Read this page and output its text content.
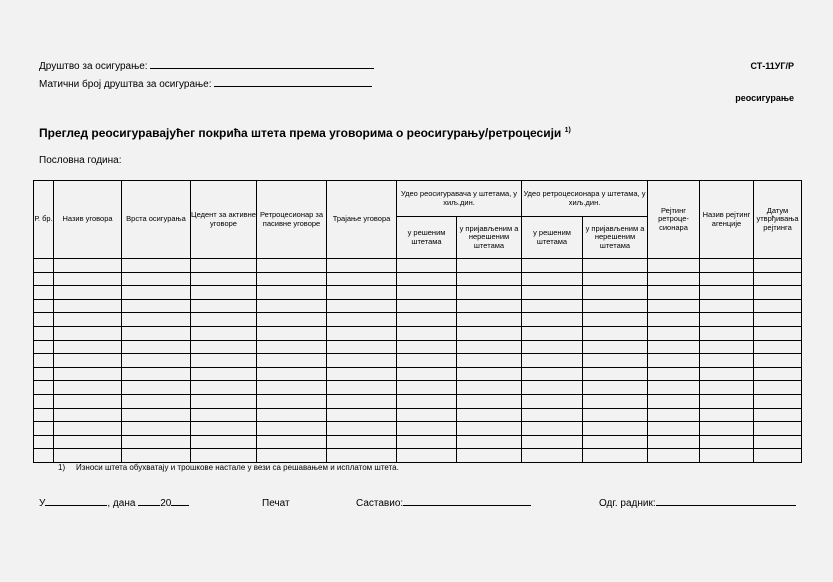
Друштво за осигурање:
Матични број друштва за осигурање:
СТ-11УГ/Р
реосигурање
Преглед реосигуравајућег покрића штета према уговорима о реосигурању/ретроцесији $^{1)}$
Пословна година:
Р. бр.	Назив уговора	Врста осигурања	Цедент за активне уговоре	Ретроцесионар за пасивне уговоре	Трајање уговора	Удео реосигуравача у штетама, у хиљ.дин.		Удео ретроцесионара у штетама, у хиљ.дин.		Рејтинг ретроце-сионара	Назив рејтинг агенције	Датум утврђивања рејтинга
						у решеним штетама	у пријављеним а нерешеним штетама	у решеним штетама	у пријављеним а нерешеним штетама			

1) Износи штета обухватају и трошкове настале у вези са решавањем и исплатом штета.
У	, дана 20	Печат	Саставио:	Одг. радник:
